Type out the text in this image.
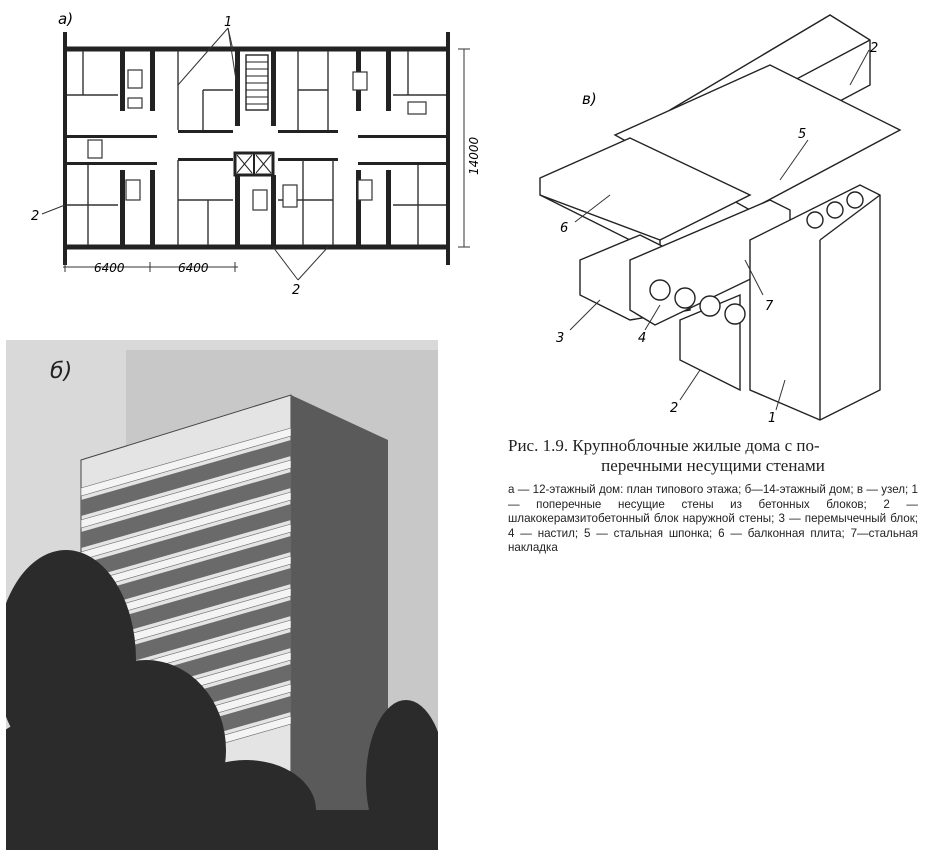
а)	1
2
2
6400	6400
14000
б)
в)
2
5
6
3	4
7
2
1
Рис. 1.9. Крупноблочные жилые дома с по-
перечными несущими стенами

а — 12-этажный дом: план типового этажа; б—14-этажный дом; в — узел; 1 — поперечные несущие стены из бетонных блоков; 2 — шлакокерамзитобетонный блок наружной стены; 3 — перемычечный блок; 4 — настил; 5 — стальная шпонка; 6 — балконная плита; 7—стальная накладка
